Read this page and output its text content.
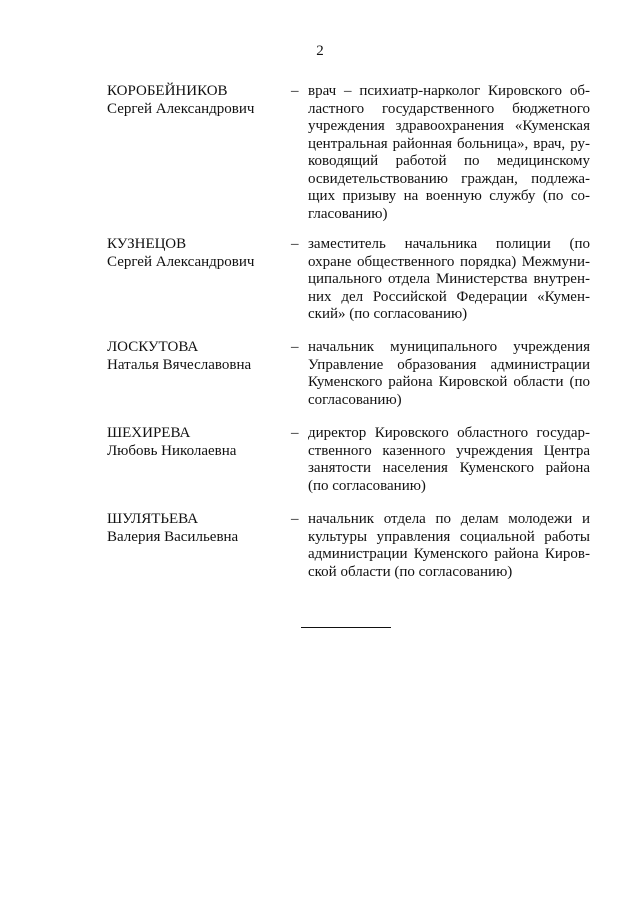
2
КОРОБЕЙНИКОВ
Сергей Александрович
– врач – психиатр-нарколог Кировского областного государственного бюджетного учреждения здравоохранения «Куменская центральная районная больница», врач, руководящий работой по медицинскому освидетельствованию граждан, подлежащих призыву на военную службу (по согласованию)
КУЗНЕЦОВ
Сергей Александрович
– заместитель начальника полиции (по охране общественного порядка) Межмуниципального отдела Министерства внутренних дел Российской Федерации «Куменский» (по согласованию)
ЛОСКУТОВА
Наталья Вячеславовна
– начальник муниципального учреждения Управление образования администрации Куменского района Кировской области (по согласованию)
ШЕХИРЕВА
Любовь Николаевна
– директор Кировского областного государственного казенного учреждения Центра занятости населения Куменского района (по согласованию)
ШУЛЯТЬЕВА
Валерия Васильевна
– начальник отдела по делам молодежи и культуры управления социальной работы администрации Куменского района Кировской области (по согласованию)
